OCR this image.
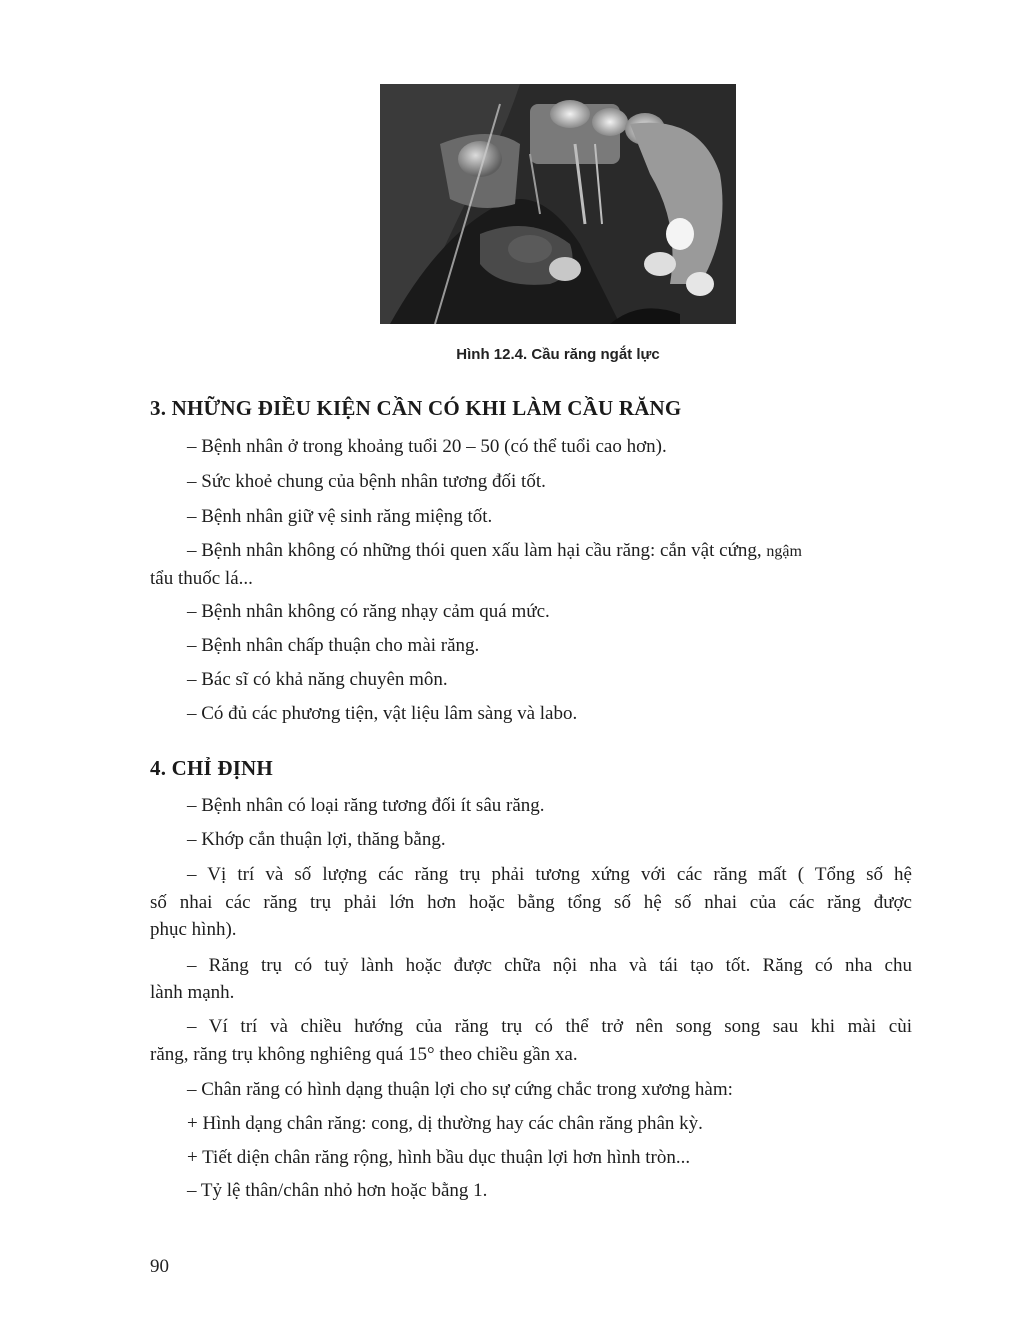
Hình 12.4. Cầu răng ngắt lực
3. NHỮNG ĐIỀU KIỆN CẦN CÓ KHI LÀM CẦU RĂNG
– Bệnh nhân ở trong khoảng tuổi 20 – 50 (có thể tuổi cao hơn).
– Sức khoẻ chung của bệnh nhân tương đối tốt.
– Bệnh nhân giữ vệ sinh răng miệng tốt.
– Bệnh nhân không có những thói quen xấu làm hại cầu răng: cắn vật cứng, ngậm
tẩu thuốc lá...
– Bệnh nhân không có răng nhạy cảm quá mức.
– Bệnh nhân chấp thuận cho mài răng.
– Bác sĩ có khả năng chuyên môn.
– Có đủ các phương tiện, vật liệu lâm sàng và labo.
4. CHỈ ĐỊNH
– Bệnh nhân có loại răng tương đối ít sâu răng.
– Khớp cắn thuận lợi, thăng bằng.
– Vị trí và số lượng các răng trụ phải tương xứng với các răng mất ( Tổng số hệ
số nhai các răng trụ phải lớn hơn hoặc bằng tổng số hệ số nhai của các răng được
phục hình).
– Răng trụ có tuỷ lành hoặc được chữa nội nha và tái tạo tốt. Răng có nha chu
lành mạnh.
– Ví trí và chiều hướng của răng trụ có thể trở nên song song sau khi mài cùi
răng, răng trụ không nghiêng quá 15° theo chiều gần xa.
– Chân răng có hình dạng thuận lợi cho sự cứng chắc trong xương hàm:
+ Hình dạng chân răng: cong, dị thường hay các chân răng phân kỳ.
+ Tiết diện chân răng rộng, hình bầu dục thuận lợi hơn hình tròn...
– Tỷ lệ thân/chân nhỏ hơn hoặc bằng 1.
90
